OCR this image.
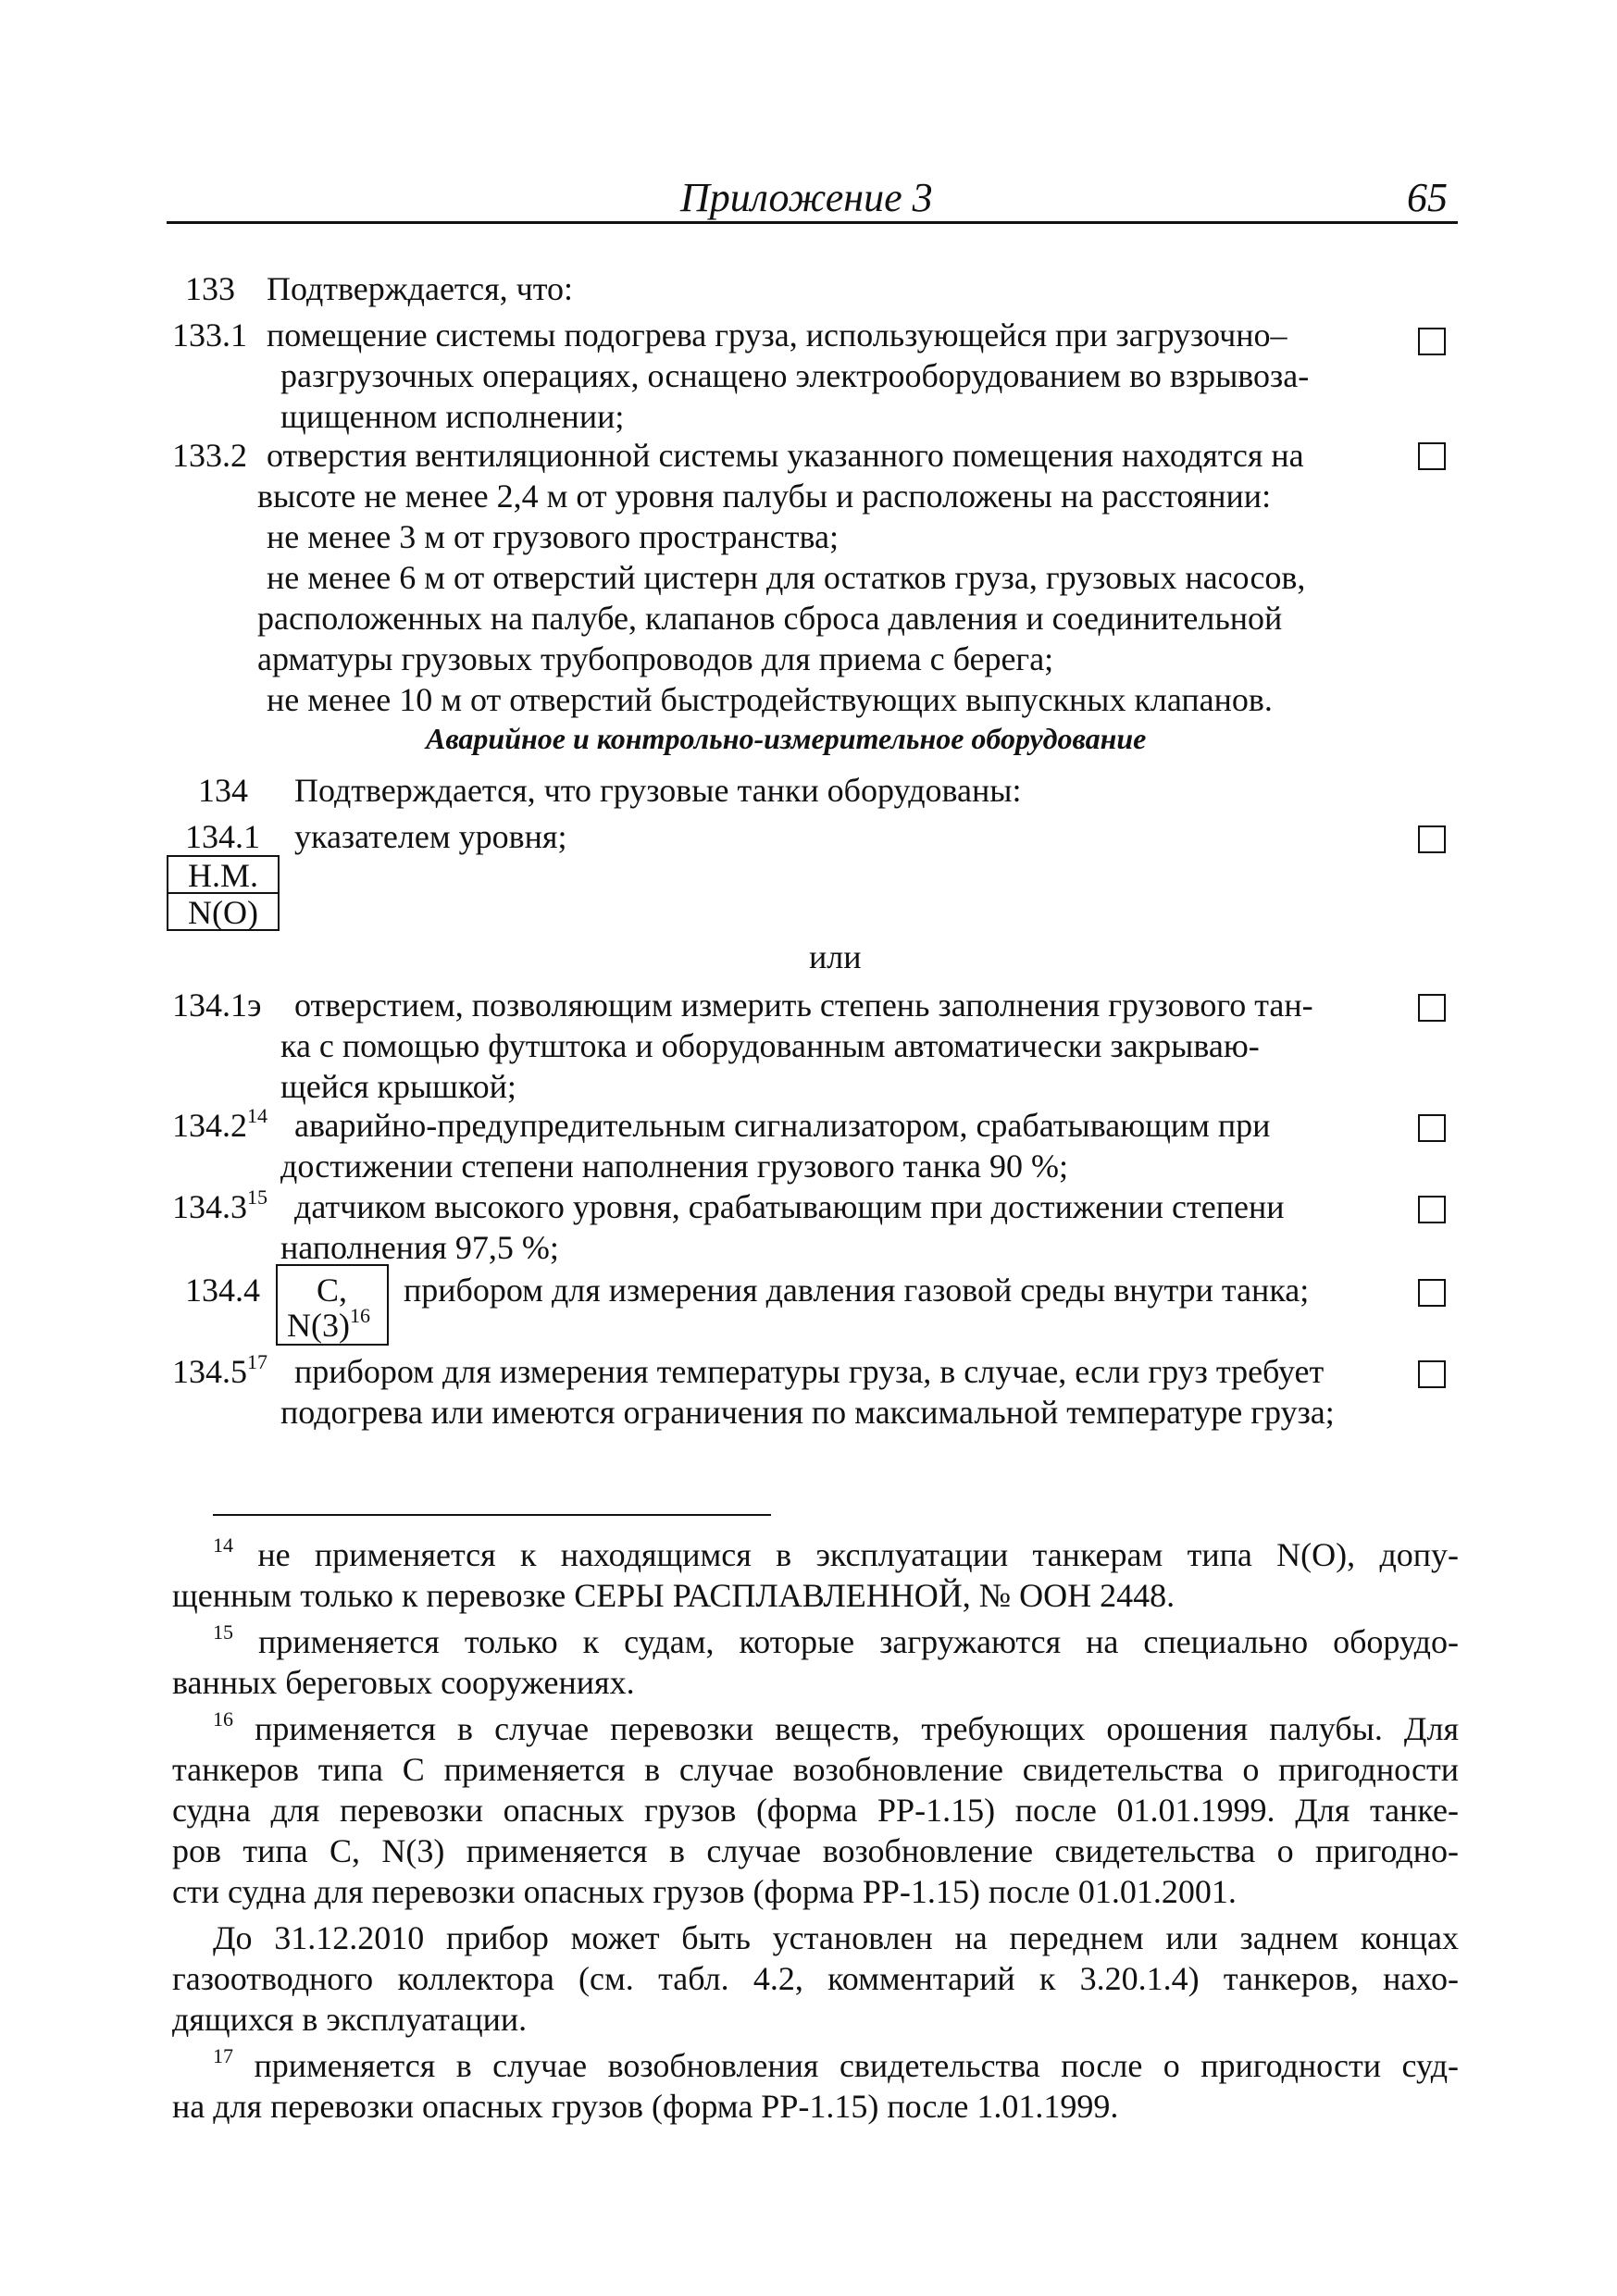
Приложение 3	65
133 Подтверждается, что:
133.1 помещение системы подогрева груза, использующейся при загрузочно–
разгрузочных операциях, оснащено электрооборудованием во взрывоза-
щищенном исполнении;
133.2 отверстия вентиляционной системы указанного помещения находятся на
высоте не менее 2,4 м от уровня палубы и расположены на расстоянии:
не менее 3 м от грузового пространства;
не менее 6 м от отверстий цистерн для остатков груза, грузовых насосов,
расположенных на палубе, клапанов сброса давления и соединительной
арматуры грузовых трубопроводов для приема с берега;
не менее 10 м от отверстий быстродействующих выпускных клапанов.
Аварийное и контрольно-измерительное оборудование
134 Подтверждается, что грузовые танки оборудованы:
134.1 указателем уровня;
Н.М.
N(O)
или
134.1э отверстием, позволяющим измерить степень заполнения грузового тан-
ка с помощью футштока и оборудованным автоматически закрываю-
щейся крышкой;
134.2$^{14}$ аварийно-предупредительным сигнализатором, срабатывающим при
достижении степени наполнения грузового танка 90 %;
134.3$^{15}$ датчиком высокого уровня, срабатывающим при достижении степени
наполнения 97,5 %;
134.4 С,
$N(3)^{16}$
прибором для измерения давления газовой среды внутри танка;
134.5$^{17}$ прибором для измерения температуры груза, в случае, если груз требует
подогрева или имеются ограничения по максимальной температуре груза;
$^{14}$ не применяется к находящимся в эксплуатации танкерам типа N(O), допу-
щенным только к перевозке СЕРЫ РАСПЛАВЛЕННОЙ, № ООН 2448.
$^{15}$ применяется только к судам, которые загружаются на специально оборудо-
ванных береговых сооружениях.
$^{16}$ применяется в случае перевозки веществ, требующих орошения палубы. Для
танкеров типа С применяется в случае возобновление свидетельства о пригодности
судна для перевозки опасных грузов (форма РР-1.15) после 01.01.1999. Для танке-
ров типа С, N(3) применяется в случае возобновление свидетельства о пригодно-
сти судна для перевозки опасных грузов (форма РР-1.15) после 01.01.2001.
До 31.12.2010 прибор может быть установлен на переднем или заднем концах
газоотводного коллектора (см. табл. 4.2, комментарий к 3.20.1.4) танкеров, нахо-
дящихся в эксплуатации.
$^{17}$ применяется в случае возобновления свидетельства после о пригодности суд-
на для перевозки опасных грузов (форма РР-1.15) после 1.01.1999.
